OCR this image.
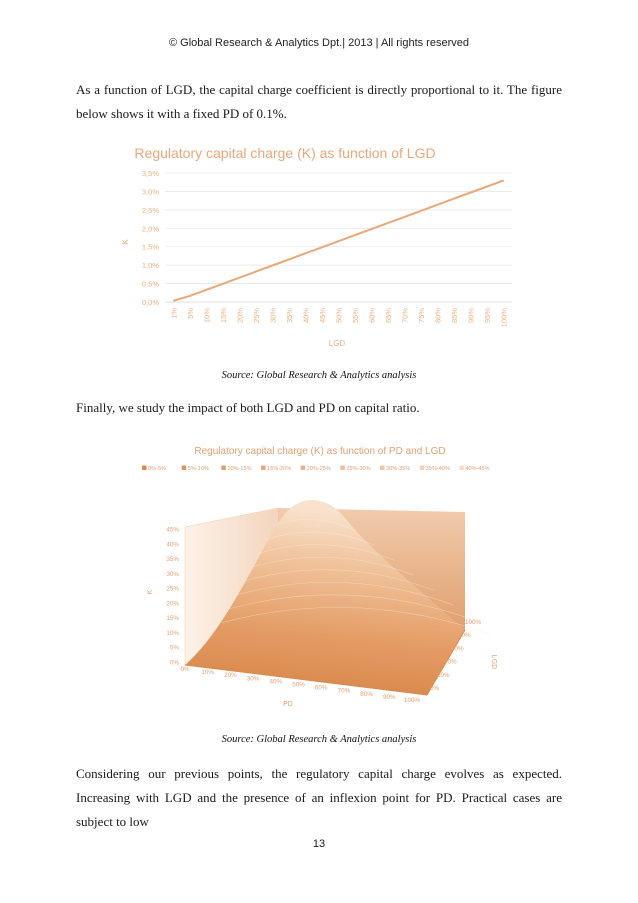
© Global Research & Analytics Dpt.| 2013 | All rights reserved
As a function of LGD, the capital charge coefficient is directly proportional to it. The figure below shows it with a fixed PD of 0.1%.
Regulatory capital charge (K) as function of LGD
0,0%
0,5%
1,0%
1,5%
2,0%
2,5%
3,0%
3,5%
1% 5% 10% 15% 20% 25% 30% 35% 40% 45% 50% 55% 60% 65% 70% 75% 80% 85% 90% 95% 100%
K
LGD
Source: Global Research & Analytics analysis
Finally, we study the impact of both LGD and PD on capital ratio.
Regulatory capital charge (K) as function of PD and LGD
0%-5%	5%-10%	10%-15%	15%-20%	20%-25%	25%-30%	30%-35%	35%-40%	40%-45%
0%
5%
10%
15%
20%
25%
30%
35%
40%
45%
0% 10% 20% 30% 40% 50% 60% 70% 80% 90% 100%
0%
20%
40%
60%
80%
100%
K
PD
LGD
Source: Global Research & Analytics analysis
Considering our previous points, the regulatory capital charge evolves as expected. Increasing with LGD and the presence of an inflexion point for PD. Practical cases are subject to low
13
